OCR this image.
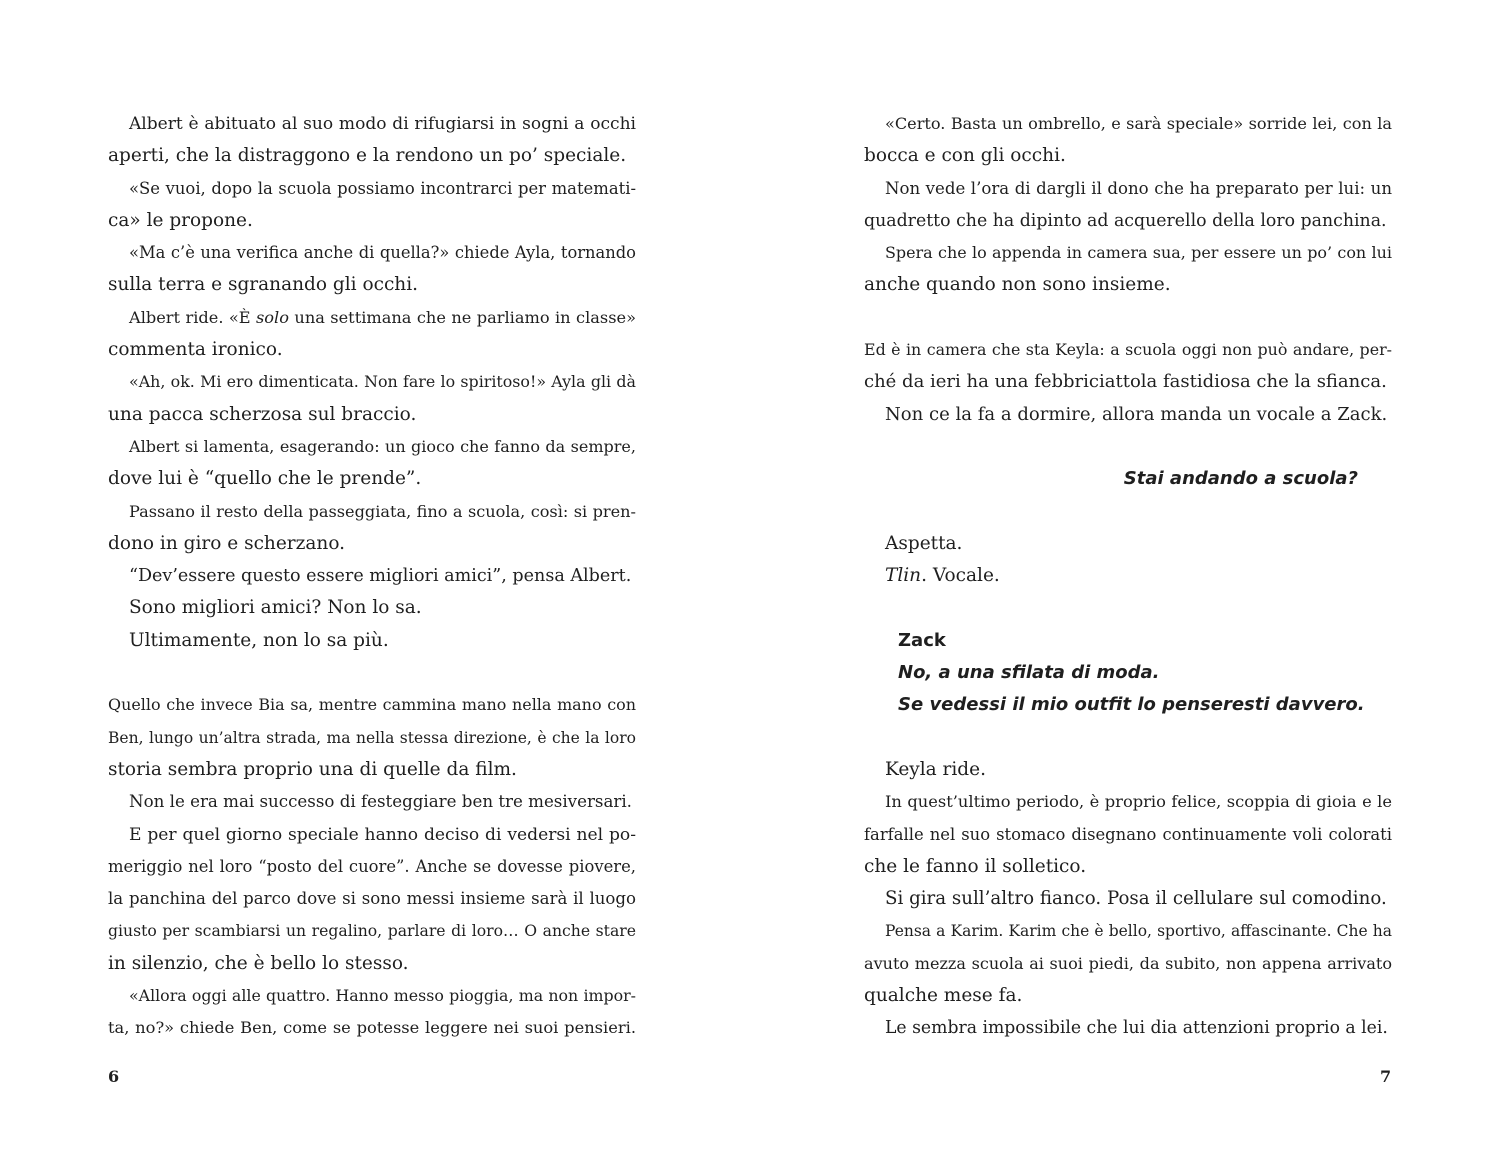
Albert è abituato al suo modo di rifugiarsi in sogni a occhi
aperti, che la distraggono e la rendono un po’ speciale.
«Se vuoi, dopo la scuola possiamo incontrarci per matemati-
ca» le propone.
«Ma c’è una verifica anche di quella?» chiede Ayla, tornando
sulla terra e sgranando gli occhi.
Albert ride. «È solo una settimana che ne parliamo in classe»
commenta ironico.
«Ah, ok. Mi ero dimenticata. Non fare lo spiritoso!» Ayla gli dà
una pacca scherzosa sul braccio.
Albert si lamenta, esagerando: un gioco che fanno da sempre,
dove lui è “quello che le prende”.
Passano il resto della passeggiata, fino a scuola, così: si pren-
dono in giro e scherzano.
“Dev’essere questo essere migliori amici”, pensa Albert.
Sono migliori amici? Non lo sa.
Ultimamente, non lo sa più.
Quello che invece Bia sa, mentre cammina mano nella mano con
Ben, lungo un’altra strada, ma nella stessa direzione, è che la loro
storia sembra proprio una di quelle da film.
Non le era mai successo di festeggiare ben tre mesiversari.
E per quel giorno speciale hanno deciso di vedersi nel po-
meriggio nel loro “posto del cuore”. Anche se dovesse piovere,
la panchina del parco dove si sono messi insieme sarà il luogo
giusto per scambiarsi un regalino, parlare di loro… O anche stare
in silenzio, che è bello lo stesso.
«Allora oggi alle quattro. Hanno messo pioggia, ma non impor-
ta, no?» chiede Ben, come se potesse leggere nei suoi pensieri.
«Certo. Basta un ombrello, e sarà speciale» sorride lei, con la
bocca e con gli occhi.
Non vede l’ora di dargli il dono che ha preparato per lui: un
quadretto che ha dipinto ad acquerello della loro panchina.
Spera che lo appenda in camera sua, per essere un po’ con lui
anche quando non sono insieme.
Ed è in camera che sta Keyla: a scuola oggi non può andare, per-
ché da ieri ha una febbriciattola fastidiosa che la sfianca.
Non ce la fa a dormire, allora manda un vocale a Zack.
Stai andando a scuola?
Aspetta.
Tlin. Vocale.
Zack
No, a una sfilata di moda.
Se vedessi il mio outfit lo penseresti davvero.
Keyla ride.
In quest’ultimo periodo, è proprio felice, scoppia di gioia e le
farfalle nel suo stomaco disegnano continuamente voli colorati
che le fanno il solletico.
Si gira sull’altro fianco. Posa il cellulare sul comodino.
Pensa a Karim. Karim che è bello, sportivo, affascinante. Che ha
avuto mezza scuola ai suoi piedi, da subito, non appena arrivato
qualche mese fa.
Le sembra impossibile che lui dia attenzioni proprio a lei.
6	7
